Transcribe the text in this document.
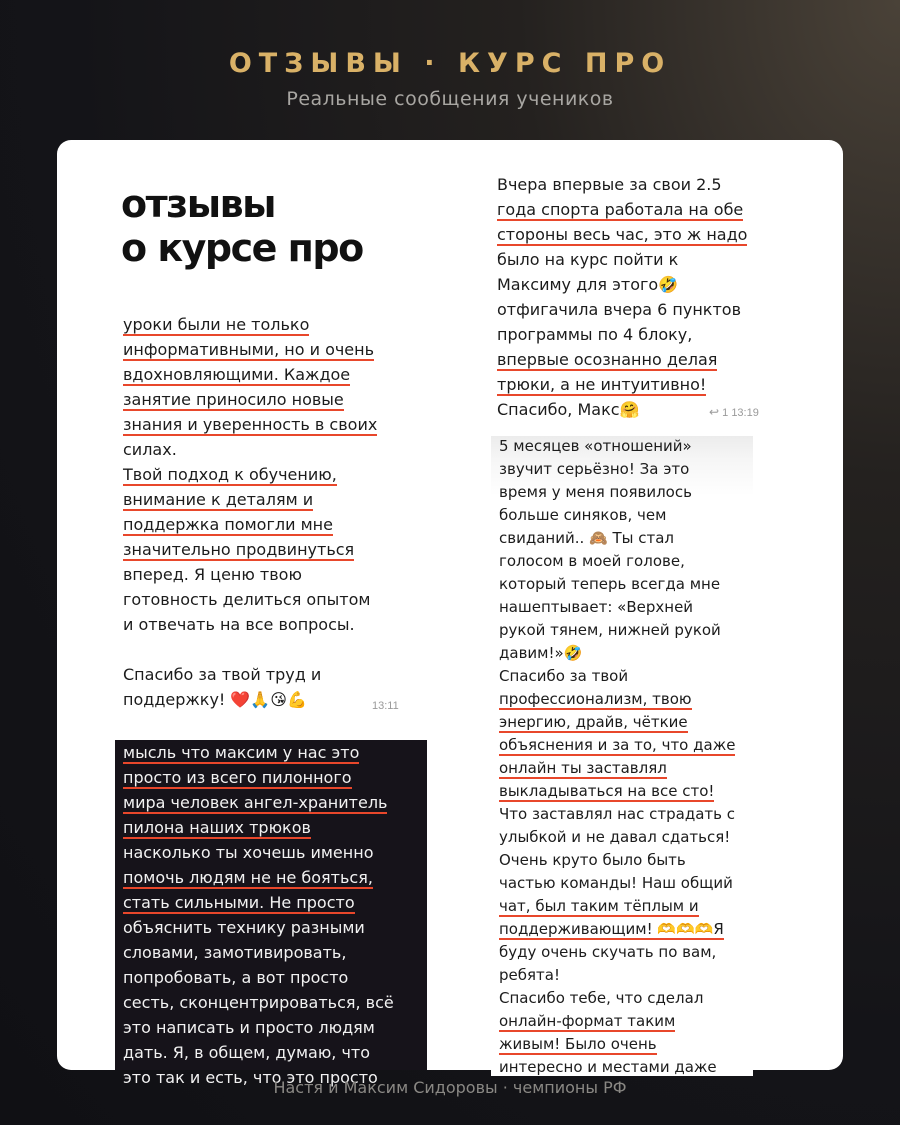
ОТЗЫВЫ · КУРС ПРО
Реальные сообщения учеников
отзывы
о курсе про
уроки были не только
информативными, но и очень
вдохновляющими. Каждое
занятие приносило новые
знания и уверенность в своих
силах.
Твой подход к обучению,
внимание к деталям и
поддержка помогли мне
значительно продвинуться
вперед. Я ценю твою
готовность делиться опытом
и отвечать на все вопросы.
Спасибо за твой труд и
поддержку! ❤️🙏😘💪	13:11
мысль что максим у нас это
просто из всего пилонного
мира человек ангел-хранитель
пилона наших трюков
насколько ты хочешь именно
помочь людям не не бояться,
стать сильными. Не просто
объяснить технику разными
словами, замотивировать,
попробовать, а вот просто
сесть, сконцентрироваться, всё
это написать и просто людям
дать. Я, в общем, думаю, что
это так и есть, что это просто
Вчера впервые за свои 2.5
года спорта работала на обе
стороны весь час, это ж надо
было на курс пойти к
Максиму для этого🤣
отфигачила вчера 6 пунктов
программы по 4 блоку,
впервые осознанно делая
трюки, а не интуитивно!
Спасибо, Макс🤗	↩ 1 13:19
5 месяцев «отношений»
звучит серьёзно! За это
время у меня появилось
больше синяков, чем
свиданий.. 🙈 Ты стал
голосом в моей голове,
который теперь всегда мне
нашептывает: «Верхней
рукой тянем, нижней рукой
давим!»🤣
Спасибо за твой
профессионализм, твою
энергию, драйв, чёткие
объяснения и за то, что даже
онлайн ты заставлял
выкладываться на все сто!
Что заставлял нас страдать с
улыбкой и не давал сдаться!
Очень круто было быть
частью команды! Наш общий
чат, был таким тёплым и
поддерживающим! 🫶🫶🫶Я
буду очень скучать по вам,
ребята!
Спасибо тебе, что сделал
онлайн-формат таким
живым! Было очень
интересно и местами даже
Настя и Максим Сидоровы · чемпионы РФ
